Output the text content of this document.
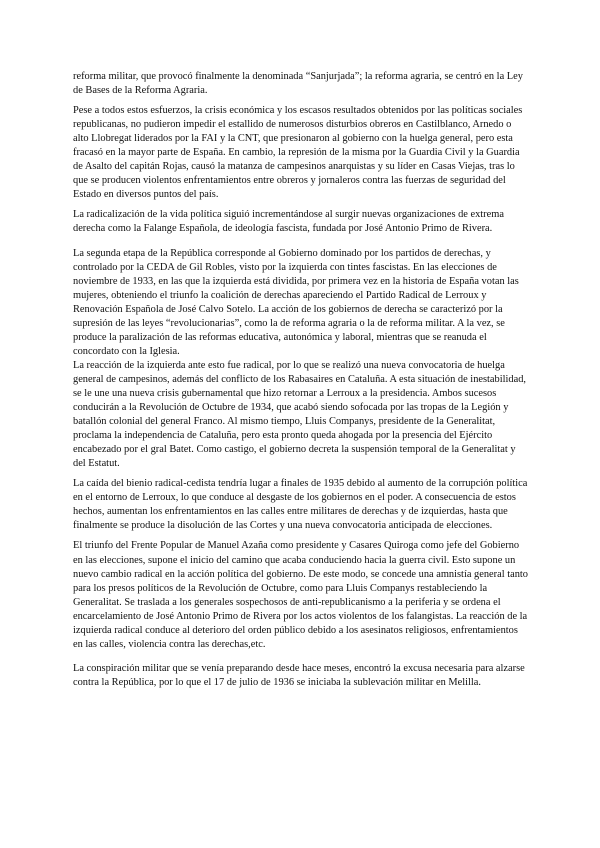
reforma militar, que provocó finalmente la denominada “Sanjurjada”; la reforma agraria, se centró en la Ley de Bases de la Reforma Agraria.

Pese a todos estos esfuerzos, la crisis económica y los escasos resultados obtenidos por las políticas sociales republicanas, no pudieron impedir el estallido de numerosos disturbios obreros en Castilblanco, Arnedo o alto Llobregat liderados por la FAI y la CNT, que presionaron al gobierno con la huelga general, pero esta fracasó en la mayor parte de España. En cambio, la represión de la misma por la Guardia Civil y la Guardia de Asalto del capitán Rojas, causó la matanza de campesinos anarquistas y su líder en Casas Viejas, tras lo que se producen violentos enfrentamientos entre obreros y jornaleros contra las fuerzas de seguridad del Estado en diversos puntos del país.

La radicalización de la vida política siguió incrementándose al surgir nuevas organizaciones de extrema derecha como la Falange Española, de ideología fascista, fundada por José Antonio Primo de Rivera.

La segunda etapa de la República corresponde al Gobierno dominado por los partidos de derechas, y controlado por la CEDA de Gil Robles, visto por la izquierda con tintes fascistas. En las elecciones de noviembre de 1933, en las que la izquierda está dividida, por primera vez en la historia de España votan las mujeres, obteniendo el triunfo la coalición de derechas apareciendo el Partido Radical de Lerroux y Renovación Española de José Calvo Sotelo. La acción de los gobiernos de derecha se caracterizó por la supresión de las leyes “revolucionarias”, como la de reforma agraria o la de reforma militar. A la vez, se produce la paralización de las reformas educativa, autonómica y laboral, mientras que se reanuda el concordato con la Iglesia.

La reacción de la izquierda ante esto fue radical, por lo que se realizó una nueva convocatoria de huelga general de campesinos, además del conflicto de los Rabasaires en Cataluña. A esta situación de inestabilidad, se le une una nueva crisis gubernamental que hizo retornar a Lerroux a la presidencia. Ambos sucesos conducirán a la Revolución de Octubre de 1934, que acabó siendo sofocada por las tropas de la Legión y batallón colonial del general Franco. Al mismo tiempo, Lluis Companys, presidente de la Generalitat, proclama la independencia de Cataluña, pero esta pronto queda ahogada por la presencia del Ejército encabezado por el gral Batet. Como castigo, el gobierno decreta la suspensión temporal de la Generalitat y del Estatut.

La caída del bienio radical-cedista tendría lugar a finales de 1935 debido al aumento de la corrupción política en el entorno de Lerroux, lo que conduce al desgaste de los gobiernos en el poder. A consecuencia de estos hechos, aumentan los enfrentamientos en las calles entre militares de derechas y de izquierdas, hasta que finalmente se produce la disolución de las Cortes y una nueva convocatoria anticipada de elecciones.

El triunfo del Frente Popular de Manuel Azaña como presidente y Casares Quiroga como jefe del Gobierno en las elecciones, supone el inicio del camino que acaba conduciendo hacia la guerra civil. Esto supone un nuevo cambio radical en la acción política del gobierno. De este modo, se concede una amnistía general tanto para los presos políticos de la Revolución de Octubre, como para Lluis Companys restableciendo la Generalitat. Se traslada a los generales sospechosos de anti-republicanismo a la periferia y se ordena el encarcelamiento de José Antonio Primo de Rivera por los actos violentos de los falangistas. La reacción de la izquierda radical conduce al deterioro del orden público debido a los asesinatos religiosos, enfrentamientos en las calles, violencia contra las derechas,etc.

La conspiración militar que se venía preparando desde hace meses, encontró la excusa necesaria para alzarse contra la República, por lo que el 17 de julio de 1936 se iniciaba la sublevación militar en Melilla.
